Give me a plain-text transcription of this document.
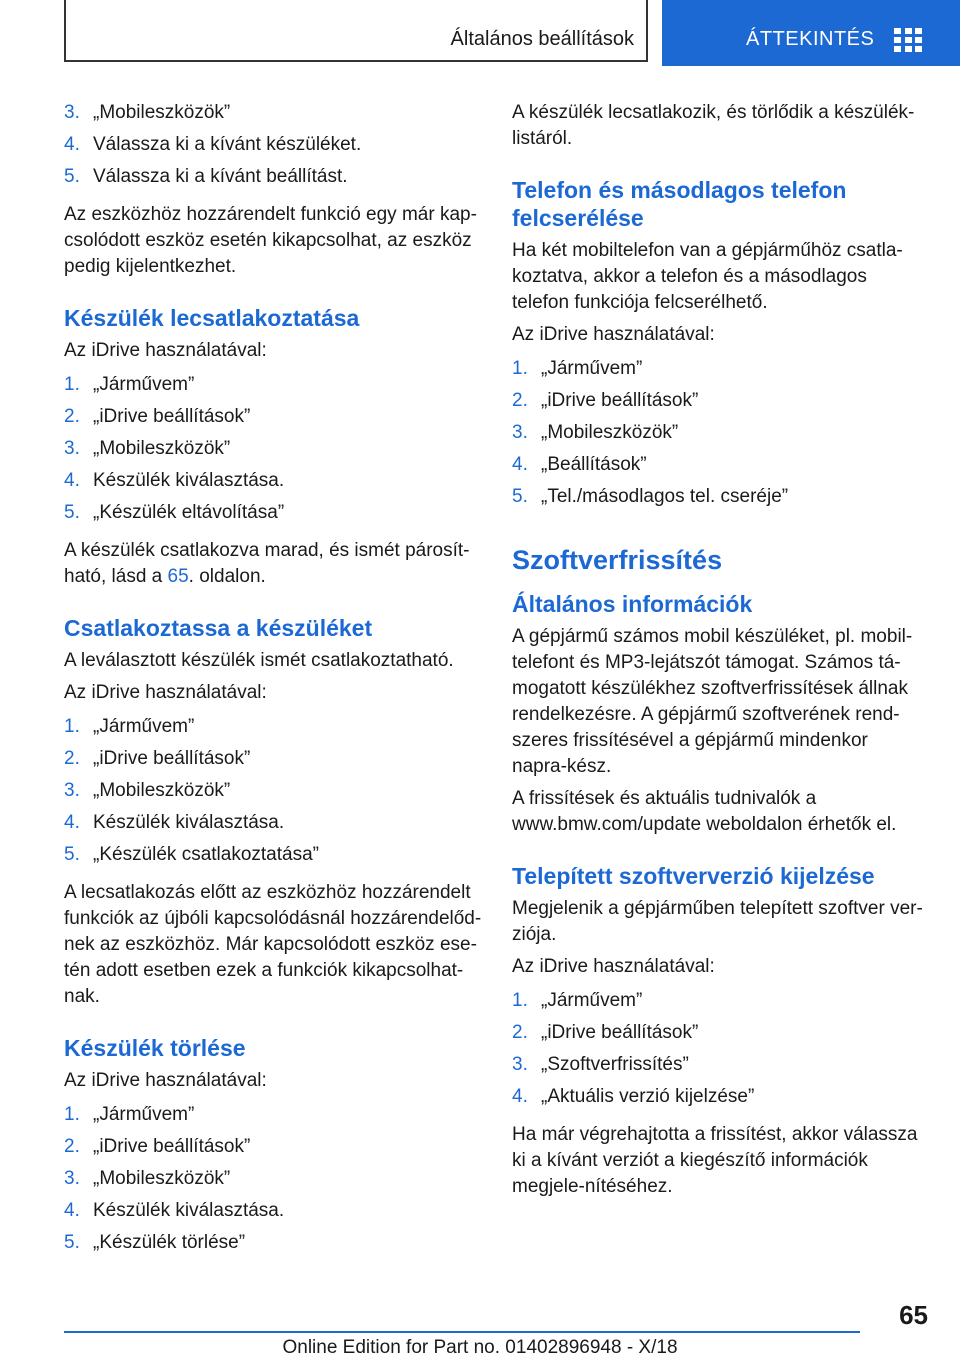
Általános beállítások	ÁTTEKINTÉS
3. „Mobileszközök”
4. Válassza ki a kívánt készüléket.
5. Válassza ki a kívánt beállítást.

Az eszközhöz hozzárendelt funkció egy már kap-csolódott eszköz esetén kikapcsolhat, az eszköz pedig kijelentkezhet.

Készülék lecsatlakoztatása

Az iDrive használatával:

1. „Járművem”
2. „iDrive beállítások”
3. „Mobileszközök”
4. Készülék kiválasztása.
5. „Készülék eltávolítása”

A készülék csatlakozva marad, és ismét párosít-ható, lásd a 65. oldalon.

Csatlakoztassa a készüléket

A leválasztott készülék ismét csatlakoztatható.

Az iDrive használatával:

1. „Járművem”
2. „iDrive beállítások”
3. „Mobileszközök”
4. Készülék kiválasztása.
5. „Készülék csatlakoztatása”

A lecsatlakozás előtt az eszközhöz hozzárendelt funkciók az újbóli kapcsolódásnál hozzárendelőd-nek az eszközhöz. Már kapcsolódott eszköz ese-tén adott esetben ezek a funkciók kikapcsolhat-nak.

Készülék törlése

Az iDrive használatával:

1. „Járművem”
2. „iDrive beállítások”
3. „Mobileszközök”
4. Készülék kiválasztása.
5. „Készülék törlése”

A készülék lecsatlakozik, és törlődik a készülék-listáról.

Telefon és másodlagos telefon felcserélése

Ha két mobiltelefon van a gépjárműhöz csatla-koztatva, akkor a telefon és a másodlagos telefon funkciója felcserélhető.

Az iDrive használatával:

1. „Járművem”
2. „iDrive beállítások”
3. „Mobileszközök”
4. „Beállítások”
5. „Tel./másodlagos tel. cseréje”
Szoftverfrissítés
Általános információk

A gépjármű számos mobil készüléket, pl. mobil-telefont és MP3-lejátszót támogat. Számos tá-mogatott készülékhez szoftverfrissítések állnak rendelkezésre. A gépjármű szoftverének rend-szeres frissítésével a gépjármű mindenkor napra-kész.

A frissítések és aktuális tudnivalók a www.bmw.com/update weboldalon érhetők el.

Telepített szoftververzió kijelzése

Megjelenik a gépjárműben telepített szoftver ver-ziója.

Az iDrive használatával:

1. „Járművem”
2. „iDrive beállítások”
3. „Szoftverfrissítés”
4. „Aktuális verzió kijelzése”

Ha már végrehajtotta a frissítést, akkor válassza ki a kívánt verziót a kiegészítő információk megjele-nítéséhez.

65
Online Edition for Part no. 01402896948 - X/18
